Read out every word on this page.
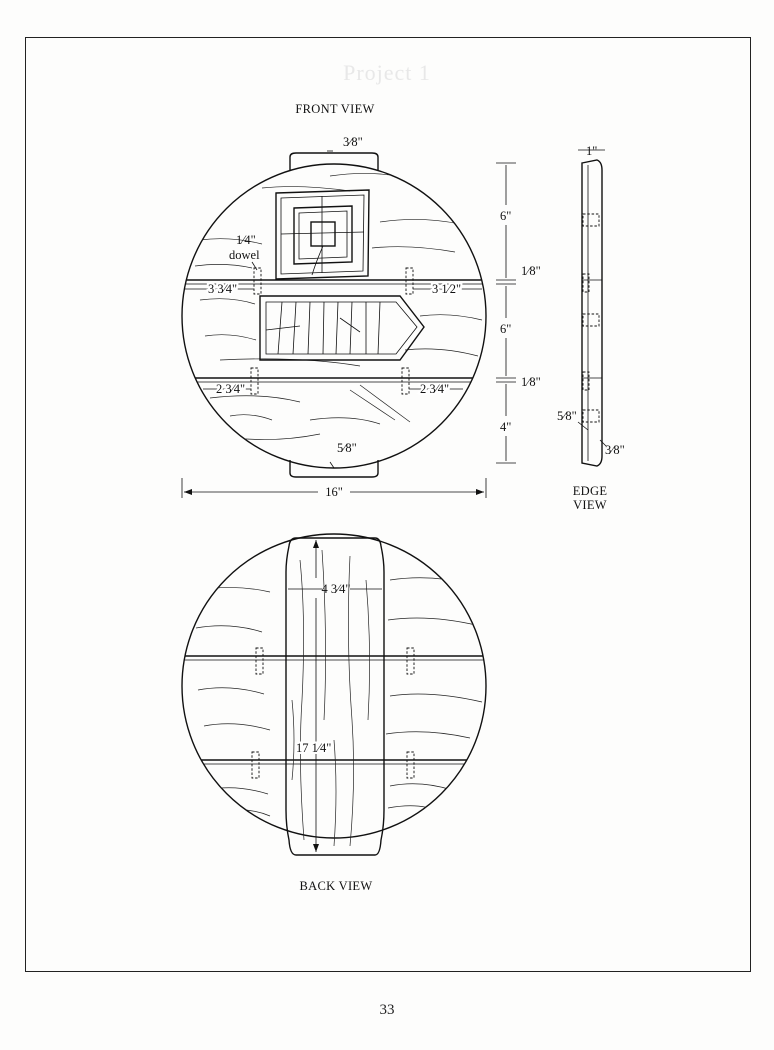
Project 1
FRONT VIEW
3⁄8"
1⁄4"
dowel
3 3⁄4"	3 1⁄2"
2 3⁄4"	2 3⁄4"
5⁄8"
16"
6"
1⁄8"
6"
1⁄8"
4"
1"
5⁄8"
3⁄8"
EDGE
VIEW
4 3⁄4"
17 1⁄4"
BACK VIEW
33
